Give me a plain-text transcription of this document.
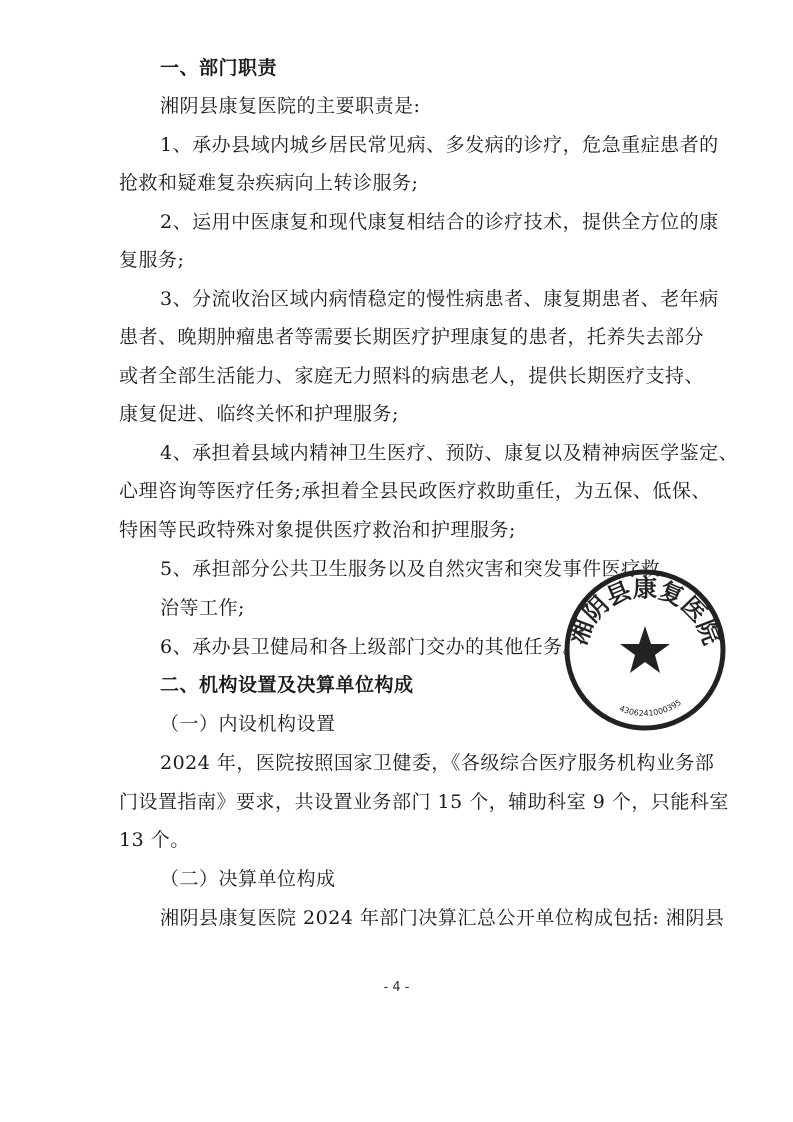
一、部门职责
湘阴县康复医院的主要职责是:
1、承办县域内城乡居民常见病、多发病的诊疗，危急重症患者的
抢救和疑难复杂疾病向上转诊服务;
2、运用中医康复和现代康复相结合的诊疗技术，提供全方位的康
复服务;
3、分流收治区域内病情稳定的慢性病患者、康复期患者、老年病
患者、晚期肿瘤患者等需要长期医疗护理康复的患者，托养失去部分
或者全部生活能力、家庭无力照料的病患老人，提供长期医疗支持、
康复促进、临终关怀和护理服务;
4、承担着县域内精神卫生医疗、预防、康复以及精神病医学鉴定、
心理咨询等医疗任务;承担着全县民政医疗救助重任，为五保、低保、
特困等民政特殊对象提供医疗救治和护理服务;
5、承担部分公共卫生服务以及自然灾害和突发事件医疗救
治等工作;
6、承办县卫健局和各上级部门交办的其他任务。
二、机构设置及决算单位构成
（一）内设机构设置
2024 年，医院按照国家卫健委，《各级综合医疗服务机构业务部
门设置指南》要求，共设置业务部门 15 个，辅助科室 9 个，只能科室
13 个。
（二）决算单位构成
湘阴县康复医院 2024 年部门决算汇总公开单位构成包括: 湘阴县
- 4 -
湘阴县康复医院
4306241000395
